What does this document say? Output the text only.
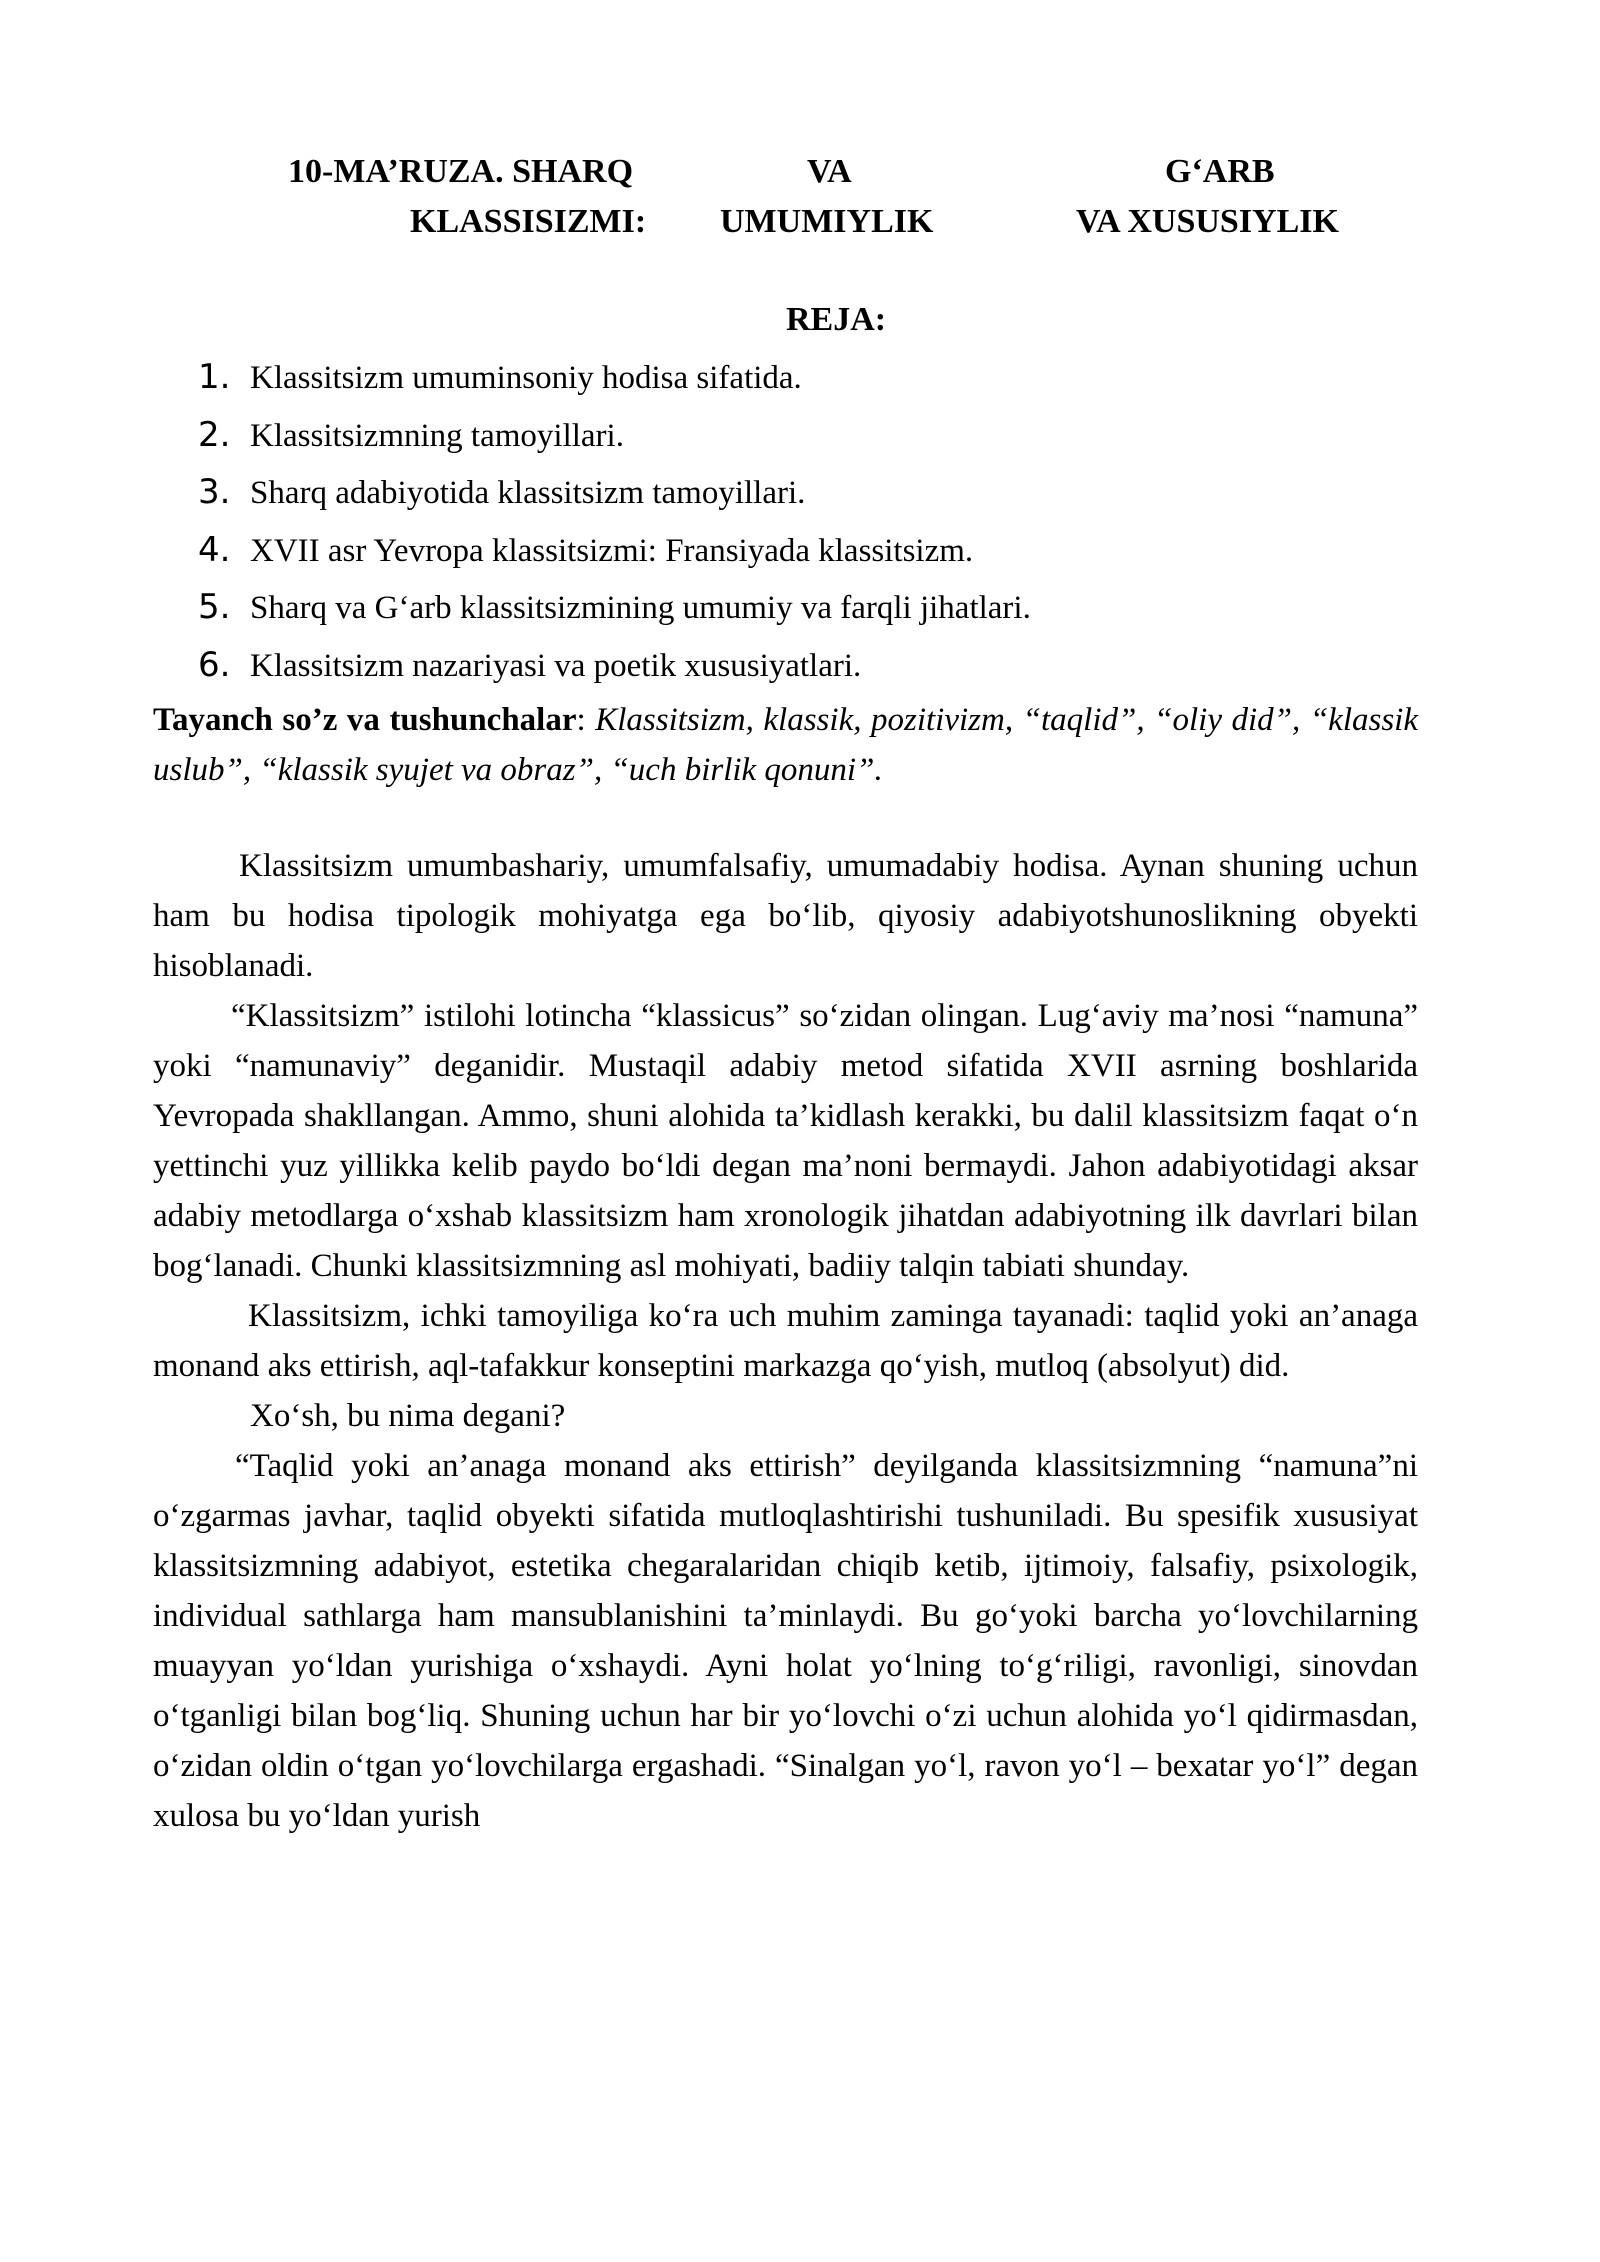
10-MA’RUZA. SHARQ	VA	G‘ARB
KLASSISIZMI: UMUMIYLIK	VA XUSUSIYLIK
REJA:
1. Klassitsizm umuminsoniy hodisa sifatida.
2. Klassitsizmning tamoyillari.
3. Sharq adabiyotida klassitsizm tamoyillari.
4. XVII asr Yevropa klassitsizmi: Fransiyada klassitsizm.
5. Sharq va G‘arb klassitsizmining umumiy va farqli jihatlari.
6. Klassitsizm nazariyasi va poetik xususiyatlari.
Tayanch so’z va tushunchalar: Klassitsizm, klassik, pozitivizm, “taqlid”, “oliy did”, “klassik uslub”, “klassik syujet va obraz”, “uch birlik qonuni”.

Klassitsizm umumbashariy, umumfalsafiy, umumadabiy hodisa. Aynan shuning uchun ham bu hodisa tipologik mohiyatga ega bo‘lib, qiyosiy adabiyotshunoslikning obyekti hisoblanadi.

“Klassitsizm” istilohi lotincha “klassicus” so‘zidan olingan. Lug‘aviy ma’nosi “namuna” yoki “namunaviy” deganidir. Mustaqil adabiy metod sifatida XVII asrning boshlarida Yevropada shakllangan. Ammo, shuni alohida ta’kidlash kerakki, bu dalil klassitsizm faqat o‘n yettinchi yuz yillikka kelib paydo bo‘ldi degan ma’noni bermaydi. Jahon adabiyotidagi aksar adabiy metodlarga o‘xshab klassitsizm ham xronologik jihatdan adabiyotning ilk davrlari bilan bog‘lanadi. Chunki klassitsizmning asl mohiyati, badiiy talqin tabiati shunday.

Klassitsizm, ichki tamoyiliga ko‘ra uch muhim zaminga tayanadi: taqlid yoki an’anaga monand aks ettirish, aql-tafakkur konseptini markazga qo‘yish, mutloq (absolyut) did.

Xo‘sh, bu nima degani?

“Taqlid yoki an’anaga monand aks ettirish” deyilganda klassitsizmning “namuna”ni o‘zgarmas javhar, taqlid obyekti sifatida mutloqlashtirishi tushuniladi. Bu spesifik xususiyat klassitsizmning adabiyot, estetika chegaralaridan chiqib ketib, ijtimoiy, falsafiy, psixologik, individual sathlarga ham mansublanishini ta’minlaydi. Bu go‘yoki barcha yo‘lovchilarning muayyan yo‘ldan yurishiga o‘xshaydi. Ayni holat yo‘lning to‘g‘riligi, ravonligi, sinovdan o‘tganligi bilan bog‘liq. Shuning uchun har bir yo‘lovchi o‘zi uchun alohida yo‘l qidirmasdan, o‘zidan oldin o‘tgan yo‘lovchilarga ergashadi. “Sinalgan yo‘l, ravon yo‘l – bexatar yo‘l” degan xulosa bu yo‘ldan yurish
